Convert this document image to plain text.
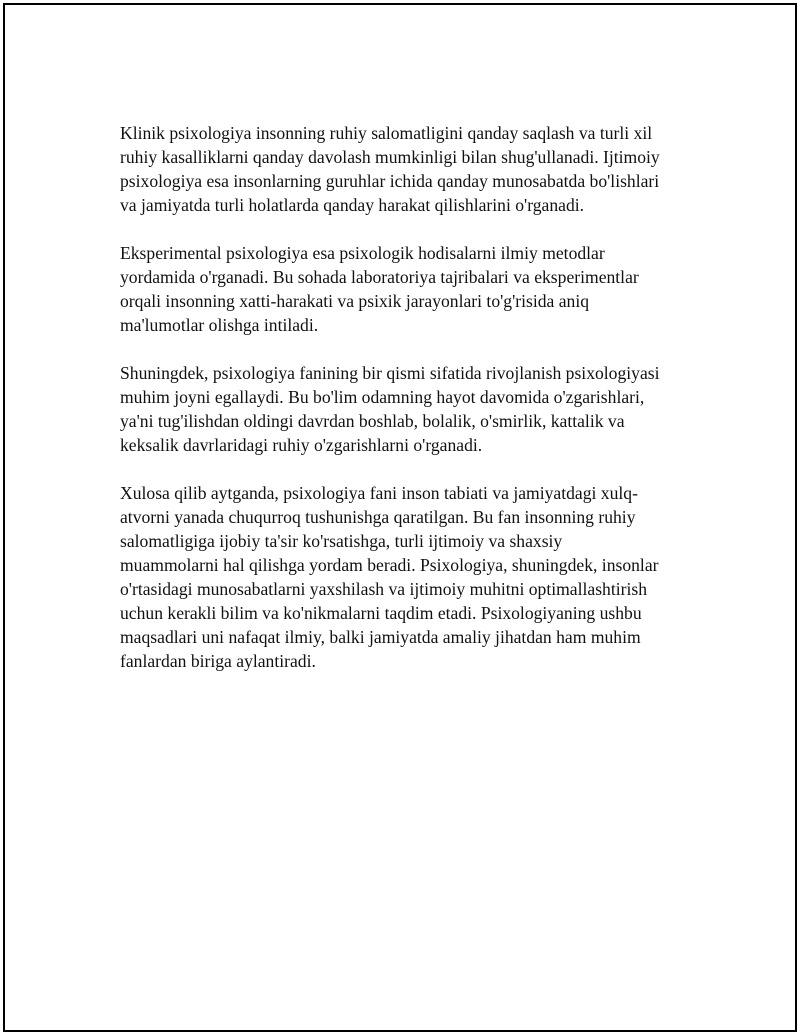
Klinik psixologiya insonning ruhiy salomatligini qanday saqlash va turli xil
ruhiy kasalliklarni qanday davolash mumkinligi bilan shug'ullanadi. Ijtimoiy
psixologiya esa insonlarning guruhlar ichida qanday munosabatda bo'lishlari
va jamiyatda turli holatlarda qanday harakat qilishlarini o'rganadi.

Eksperimental psixologiya esa psixologik hodisalarni ilmiy metodlar
yordamida o'rganadi. Bu sohada laboratoriya tajribalari va eksperimentlar
orqali insonning xatti-harakati va psixik jarayonlari to'g'risida aniq
ma'lumotlar olishga intiladi.

Shuningdek, psixologiya fanining bir qismi sifatida rivojlanish psixologiyasi
muhim joyni egallaydi. Bu bo'lim odamning hayot davomida o'zgarishlari,
ya'ni tug'ilishdan oldingi davrdan boshlab, bolalik, o'smirlik, kattalik va
keksalik davrlaridagi ruhiy o'zgarishlarni o'rganadi.

Xulosa qilib aytganda, psixologiya fani inson tabiati va jamiyatdagi xulq-
atvorni yanada chuqurroq tushunishga qaratilgan. Bu fan insonning ruhiy
salomatligiga ijobiy ta'sir ko'rsatishga, turli ijtimoiy va shaxsiy
muammolarni hal qilishga yordam beradi. Psixologiya, shuningdek, insonlar
o'rtasidagi munosabatlarni yaxshilash va ijtimoiy muhitni optimallashtirish
uchun kerakli bilim va ko'nikmalarni taqdim etadi. Psixologiyaning ushbu
maqsadlari uni nafaqat ilmiy, balki jamiyatda amaliy jihatdan ham muhim
fanlardan biriga aylantiradi.
